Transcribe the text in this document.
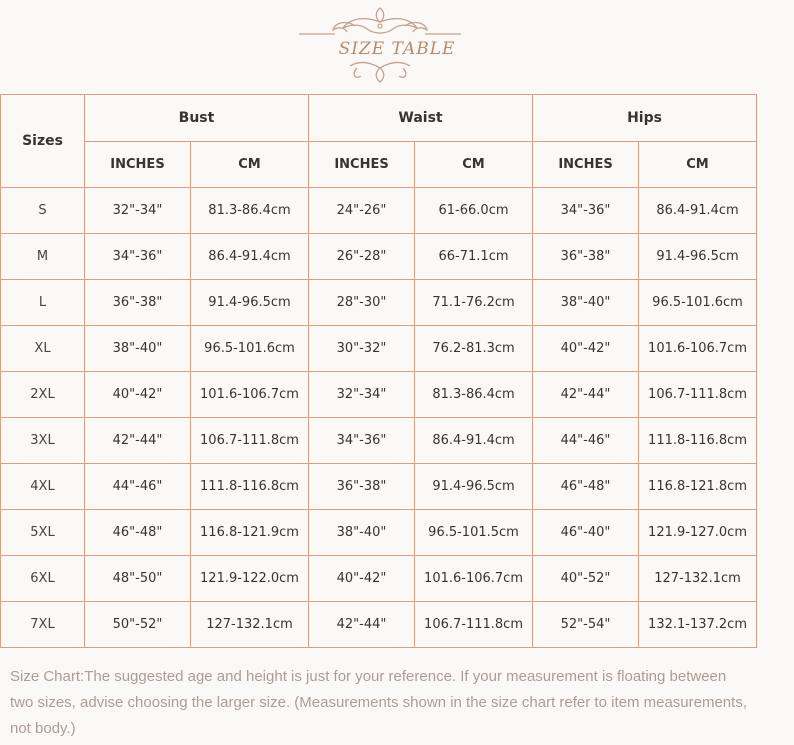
SIZE TABLE
Sizes	Bust		Waist		Hips	
	INCHES	CM	INCHES	CM	INCHES	CM
S	32"-34"	81.3-86.4cm	24"-26"	61-66.0cm	34"-36"	86.4-91.4cm
M	34"-36"	86.4-91.4cm	26"-28"	66-71.1cm	36"-38"	91.4-96.5cm
L	36"-38"	91.4-96.5cm	28"-30"	71.1-76.2cm	38"-40"	96.5-101.6cm
XL	38"-40"	96.5-101.6cm	30"-32"	76.2-81.3cm	40"-42"	101.6-106.7cm
2XL	40"-42"	101.6-106.7cm	32"-34"	81.3-86.4cm	42"-44"	106.7-111.8cm
3XL	42"-44"	106.7-111.8cm	34"-36"	86.4-91.4cm	44"-46"	111.8-116.8cm
4XL	44"-46"	111.8-116.8cm	36"-38"	91.4-96.5cm	46"-48"	116.8-121.8cm
5XL	46"-48"	116.8-121.9cm	38"-40"	96.5-101.5cm	46"-40"	121.9-127.0cm
6XL	48"-50"	121.9-122.0cm	40"-42"	101.6-106.7cm	40"-52"	127-132.1cm
7XL	50"-52"	127-132.1cm	42"-44"	106.7-111.8cm	52"-54"	132.1-137.2cm
Size Chart:The suggested age and height is just for your reference. If your measurement is floating between two sizes, advise choosing the larger size. (Measurements shown in the size chart refer to item measurements, not body.)
